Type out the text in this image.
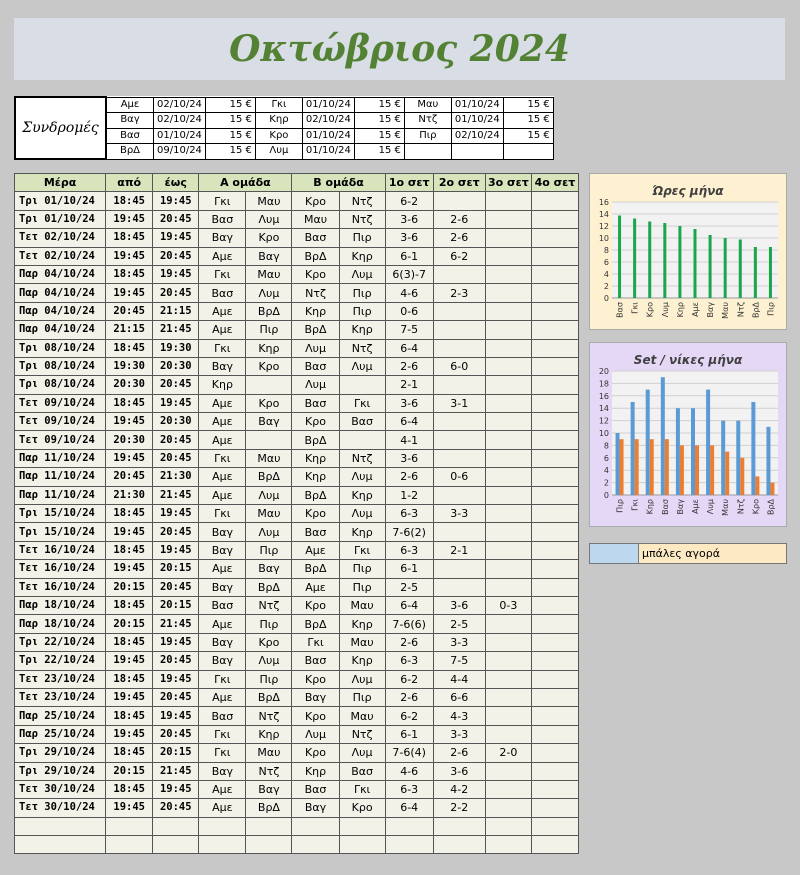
Οκτώβριος 2024
Συνδρομές	Αμε	02/10/24	15 €	Γκι	01/10/24	15 €	Μαυ	01/10/24	15 €
	Βαγ	02/10/24	15 €	Κηρ	02/10/24	15 €	Ντζ	01/10/24	15 €
	Βασ	01/10/24	15 €	Κρο	01/10/24	15 €	Πιρ	02/10/24	15 €
	ΒρΔ	09/10/24	15 €	Λυμ	01/10/24	15 €			
Μέρα	από	έως	Α ομάδα		Β ομάδα		1ο σετ	2ο σετ	3ο σετ	4ο σετ
Τρι 01/10/24	18:45	19:45	Γκι	Μαυ	Κρο	Ντζ	6-2			
Τρι 01/10/24	19:45	20:45	Βασ	Λυμ	Μαυ	Ντζ	3-6	2-6		
Τετ 02/10/24	18:45	19:45	Βαγ	Κρο	Βασ	Πιρ	3-6	2-6		
Τετ 02/10/24	19:45	20:45	Αμε	Βαγ	ΒρΔ	Κηρ	6-1	6-2		
Παρ 04/10/24	18:45	19:45	Γκι	Μαυ	Κρο	Λυμ	6(3)-7			
Παρ 04/10/24	19:45	20:45	Βασ	Λυμ	Ντζ	Πιρ	4-6	2-3		
Παρ 04/10/24	20:45	21:15	Αμε	ΒρΔ	Κηρ	Πιρ	0-6			
Παρ 04/10/24	21:15	21:45	Αμε	Πιρ	ΒρΔ	Κηρ	7-5			
Τρι 08/10/24	18:45	19:30	Γκι	Κηρ	Λυμ	Ντζ	6-4			
Τρι 08/10/24	19:30	20:30	Βαγ	Κρο	Βασ	Λυμ	2-6	6-0		
Τρι 08/10/24	20:30	20:45	Κηρ		Λυμ		2-1			
Τετ 09/10/24	18:45	19:45	Αμε	Κρο	Βασ	Γκι	3-6	3-1		
Τετ 09/10/24	19:45	20:30	Αμε	Βαγ	Κρο	Βασ	6-4			
Τετ 09/10/24	20:30	20:45	Αμε		ΒρΔ		4-1			
Παρ 11/10/24	19:45	20:45	Γκι	Μαυ	Κηρ	Ντζ	3-6			
Παρ 11/10/24	20:45	21:30	Αμε	ΒρΔ	Κηρ	Λυμ	2-6	0-6		
Παρ 11/10/24	21:30	21:45	Αμε	Λυμ	ΒρΔ	Κηρ	1-2			
Τρι 15/10/24	18:45	19:45	Γκι	Μαυ	Κρο	Λυμ	6-3	3-3		
Τρι 15/10/24	19:45	20:45	Βαγ	Λυμ	Βασ	Κηρ	7-6(2)			
Τετ 16/10/24	18:45	19:45	Βαγ	Πιρ	Αμε	Γκι	6-3	2-1		
Τετ 16/10/24	19:45	20:15	Αμε	Βαγ	ΒρΔ	Πιρ	6-1			
Τετ 16/10/24	20:15	20:45	Βαγ	ΒρΔ	Αμε	Πιρ	2-5			
Παρ 18/10/24	18:45	20:15	Βασ	Ντζ	Κρο	Μαυ	6-4	3-6	0-3	
Παρ 18/10/24	20:15	21:45	Αμε	Πιρ	ΒρΔ	Κηρ	7-6(6)	2-5		
Τρι 22/10/24	18:45	19:45	Βαγ	Κρο	Γκι	Μαυ	2-6	3-3		
Τρι 22/10/24	19:45	20:45	Βαγ	Λυμ	Βασ	Κηρ	6-3	7-5		
Τετ 23/10/24	18:45	19:45	Γκι	Πιρ	Κρο	Λυμ	6-2	4-4		
Τετ 23/10/24	19:45	20:45	Αμε	ΒρΔ	Βαγ	Πιρ	2-6	6-6		
Παρ 25/10/24	18:45	19:45	Βασ	Ντζ	Κρο	Μαυ	6-2	4-3		
Παρ 25/10/24	19:45	20:45	Γκι	Κηρ	Λυμ	Ντζ	6-1	3-3		
Τρι 29/10/24	18:45	20:15	Γκι	Μαυ	Κρο	Λυμ	7-6(4)	2-6	2-0	
Τρι 29/10/24	20:15	21:45	Βαγ	Ντζ	Κηρ	Βασ	4-6	3-6		
Τετ 30/10/24	18:45	19:45	Αμε	Βαγ	Βασ	Γκι	6-3	4-2		
Τετ 30/10/24	19:45	20:45	Αμε	ΒρΔ	Βαγ	Κρο	6-4	2-2		

Ώρες μήνα
0
2
4
6
8
10
12
14
16
Βασ Γκι Κρο Λυμ Κηρ Αμε Βαγ Μαυ Ντζ ΒρΔ Πιρ
Set / νίκες μήνα
0
2
4
6
8
10
12
14
16
18
20
Πιρ Γκι Κηρ Βασ Βαγ Αμε Λυμ Μαυ Ντζ Κρο ΒρΔ
μπάλες αγορά
